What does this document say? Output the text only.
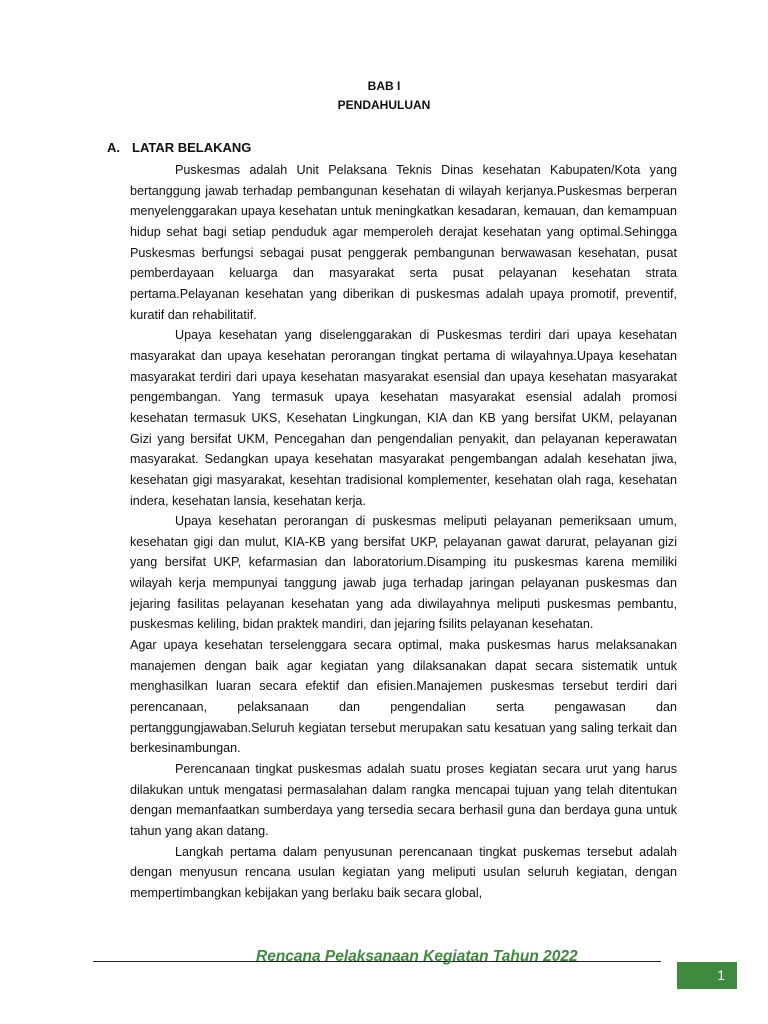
BAB I
PENDAHULUAN
A. LATAR BELAKANG

Puskesmas adalah Unit Pelaksana Teknis Dinas kesehatan Kabupaten/Kota yang bertanggung jawab terhadap pembangunan kesehatan di wilayah kerjanya.Puskesmas berperan menyelenggarakan upaya kesehatan untuk meningkatkan kesadaran, kemauan, dan kemampuan hidup sehat bagi setiap penduduk agar memperoleh derajat kesehatan yang optimal.Sehingga Puskesmas berfungsi sebagai pusat penggerak pembangunan berwawasan kesehatan, pusat pemberdayaan keluarga dan masyarakat serta pusat pelayanan kesehatan strata pertama.Pelayanan kesehatan yang diberikan di puskesmas adalah upaya promotif, preventif, kuratif dan rehabilitatif.

Upaya kesehatan yang diselenggarakan di Puskesmas terdiri dari upaya kesehatan masyarakat dan upaya kesehatan perorangan tingkat pertama di wilayahnya.Upaya kesehatan masyarakat terdiri dari upaya kesehatan masyarakat esensial dan upaya kesehatan masyarakat pengembangan. Yang termasuk upaya kesehatan masyarakat esensial adalah promosi kesehatan termasuk UKS, Kesehatan Lingkungan, KIA dan KB yang bersifat UKM, pelayanan Gizi yang bersifat UKM, Pencegahan dan pengendalian penyakit, dan pelayanan keperawatan masyarakat. Sedangkan upaya kesehatan masyarakat pengembangan adalah kesehatan jiwa, kesehatan gigi masyarakat, kesehtan tradisional komplementer, kesehatan olah raga, kesehatan indera, kesehatan lansia, kesehatan kerja.

Upaya kesehatan perorangan di puskesmas meliputi pelayanan pemeriksaan umum, kesehatan gigi dan mulut, KIA-KB yang bersifat UKP, pelayanan gawat darurat, pelayanan gizi yang bersifat UKP, kefarmasian dan laboratorium.Disamping itu puskesmas karena memiliki wilayah kerja mempunyai tanggung jawab juga terhadap jaringan pelayanan puskesmas dan jejaring fasilitas pelayanan kesehatan yang ada diwilayahnya meliputi puskesmas pembantu, puskesmas keliling, bidan praktek mandiri, dan jejaring fsilits pelayanan kesehatan.

Agar upaya kesehatan terselenggara secara optimal, maka puskesmas harus melaksanakan manajemen dengan baik agar kegiatan yang dilaksanakan dapat secara sistematik untuk menghasilkan luaran secara efektif dan efisien.Manajemen puskesmas tersebut terdiri dari perencanaan, pelaksanaan dan pengendalian serta pengawasan dan pertanggungjawaban.Seluruh kegiatan tersebut merupakan satu kesatuan yang saling terkait dan berkesinambungan.

Perencanaan tingkat puskesmas adalah suatu proses kegiatan secara urut yang harus dilakukan untuk mengatasi permasalahan dalam rangka mencapai tujuan yang telah ditentukan dengan memanfaatkan sumberdaya yang tersedia secara berhasil guna dan berdaya guna untuk tahun yang akan datang.

Langkah pertama dalam penyusunan perencanaan tingkat puskemas tersebut adalah dengan menyusun rencana usulan kegiatan yang meliputi usulan seluruh kegiatan, dengan mempertimbangkan kebijakan yang berlaku baik secara global,

Rencana Pelaksanaan Kegiatan Tahun 2022
1
